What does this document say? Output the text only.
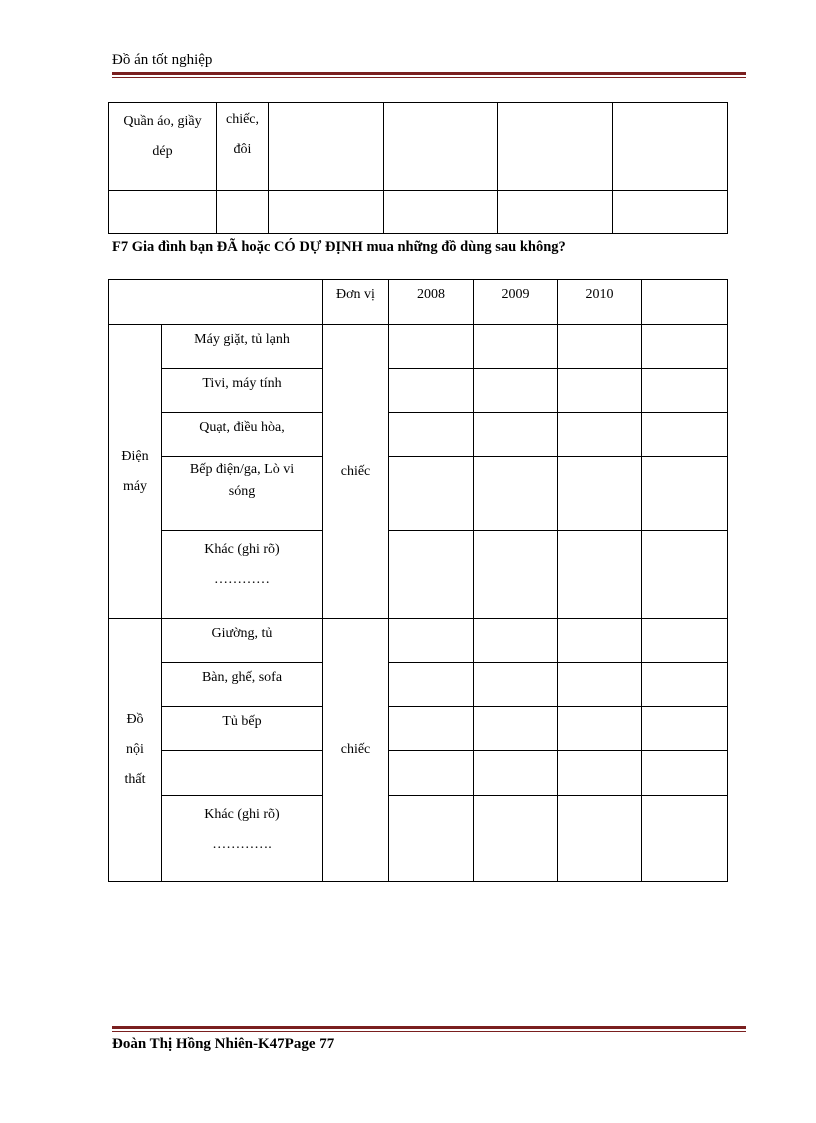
Đồ án tốt nghiệp
Quần áo, giầy dép	chiếc, đôi				

F7 Gia đình bạn ĐÃ hoặc CÓ DỰ ĐỊNH mua những đồ dùng sau không?
		Đơn vị	2008	2009	2010	

Điện máy	Máy giặt, tủ lạnh	chiếc				
	Tivi, máy tính					
	Quạt, điều hòa,					

	Bếp điện/ga, Lò vi sóng					

	Khác (ghi rõ)
…………					

Đồ nội thất	Giường, tủ	chiếc				
	Bàn, ghế, sofa					
	Tủ bếp					

	Khác (ghi rõ)
………….					

Đoàn Thị Hồng Nhiên-K47Page 77
